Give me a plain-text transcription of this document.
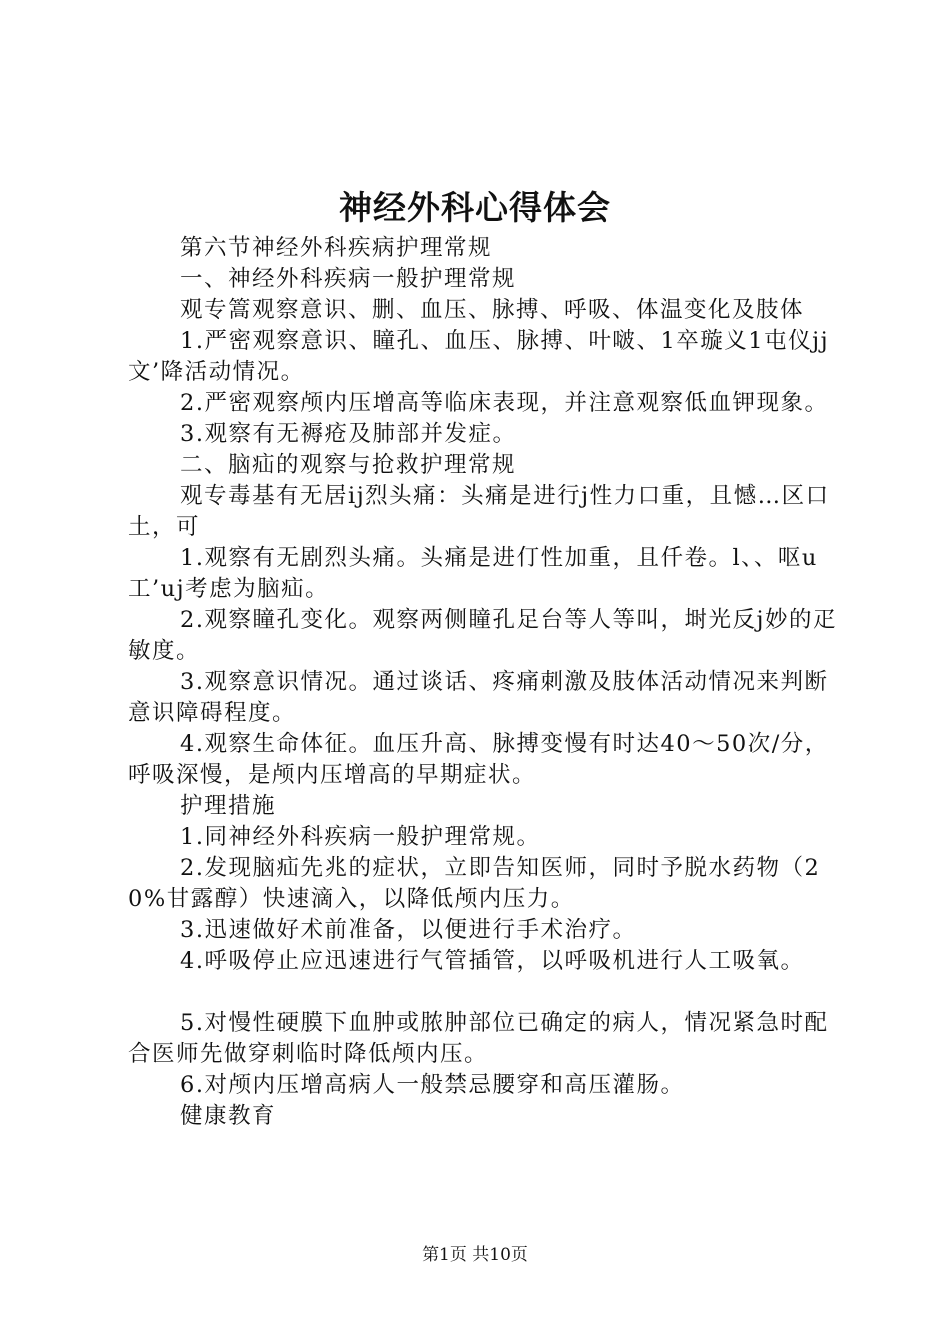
神经外科心得体会

第六节神经外科疾病护理常规

一、神经外科疾病一般护理常规

观专篙观察意识、删、血压、脉搏、呼吸、体温变化及肢体

1.严密观察意识、瞳孔、血压、脉搏、叶啵、1卒璇义1屯仪jj文’降活动情况。

2.严密观察颅内压增高等临床表现，并注意观察低血钾现象。

3.观察有无褥疮及肺部并发症。

二、脑疝的观察与抢救护理常规

观专毒基有无居ij烈头痛：头痛是进行j性力口重，且憾…区口土，可

1.观察有无剧烈头痛。头痛是进仃性加重，且仟卷。l、、呕u工’uj考虑为脑疝。

2.观察瞳孔变化。观察两侧瞳孔足台等人等叫，埘光反j妙的疋敏度。

3.观察意识情况。通过谈话、疼痛刺激及肢体活动情况来判断意识障碍程度。

4.观察生命体征。血压升高、脉搏变慢有时达40～50次/分，呼吸深慢，是颅内压增高的早期症状。

护理措施

1.同神经外科疾病一般护理常规。

2.发现脑疝先兆的症状，立即告知医师，同时予脱水药物（20%甘露醇）快速滴入，以降低颅内压力。

3.迅速做好术前准备，以便进行手术治疗。

4.呼吸停止应迅速进行气管插管，以呼吸机进行人工吸氧。

5.对慢性硬膜下血肿或脓肿部位已确定的病人，情况紧急时配合医师先做穿刺临时降低颅内压。

6.对颅内压增高病人一般禁忌腰穿和高压灌肠。

健康教育

第1页 共10页
